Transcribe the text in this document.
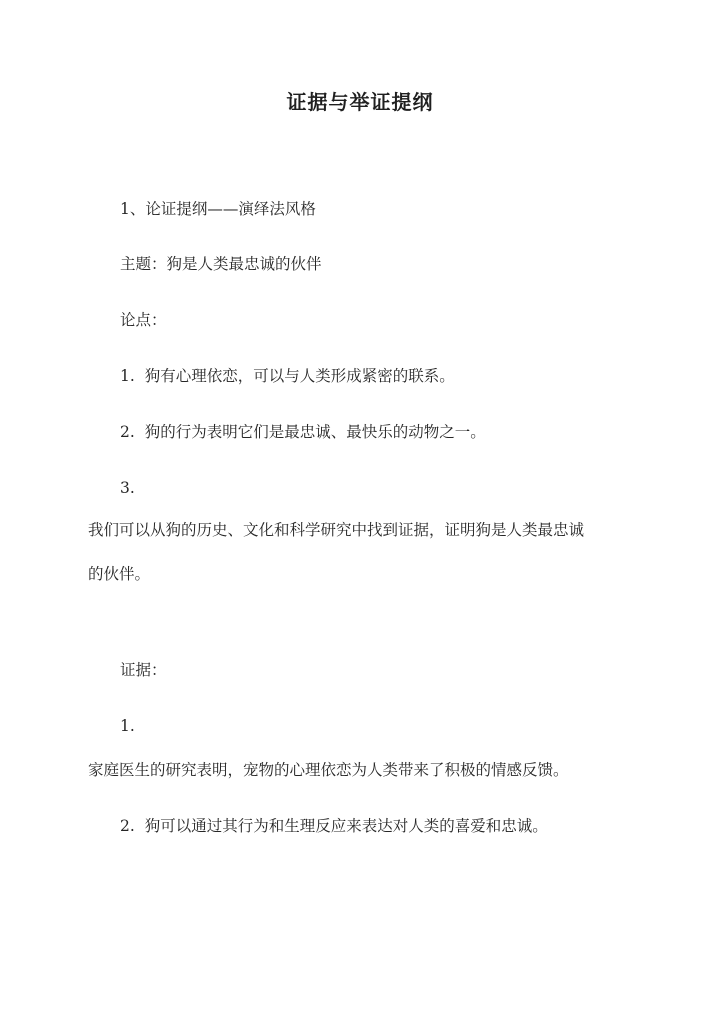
证据与举证提纲
1、论证提纲——演绎法风格
主题：狗是人类最忠诚的伙伴
论点：
1. 狗有心理依恋，可以与人类形成紧密的联系。
2. 狗的行为表明它们是最忠诚、最快乐的动物之一。
3.
我们可以从狗的历史、文化和科学研究中找到证据，证明狗是人类最忠诚
的伙伴。
证据：
1.
家庭医生的研究表明，宠物的心理依恋为人类带来了积极的情感反馈。
2. 狗可以通过其行为和生理反应来表达对人类的喜爱和忠诚。
